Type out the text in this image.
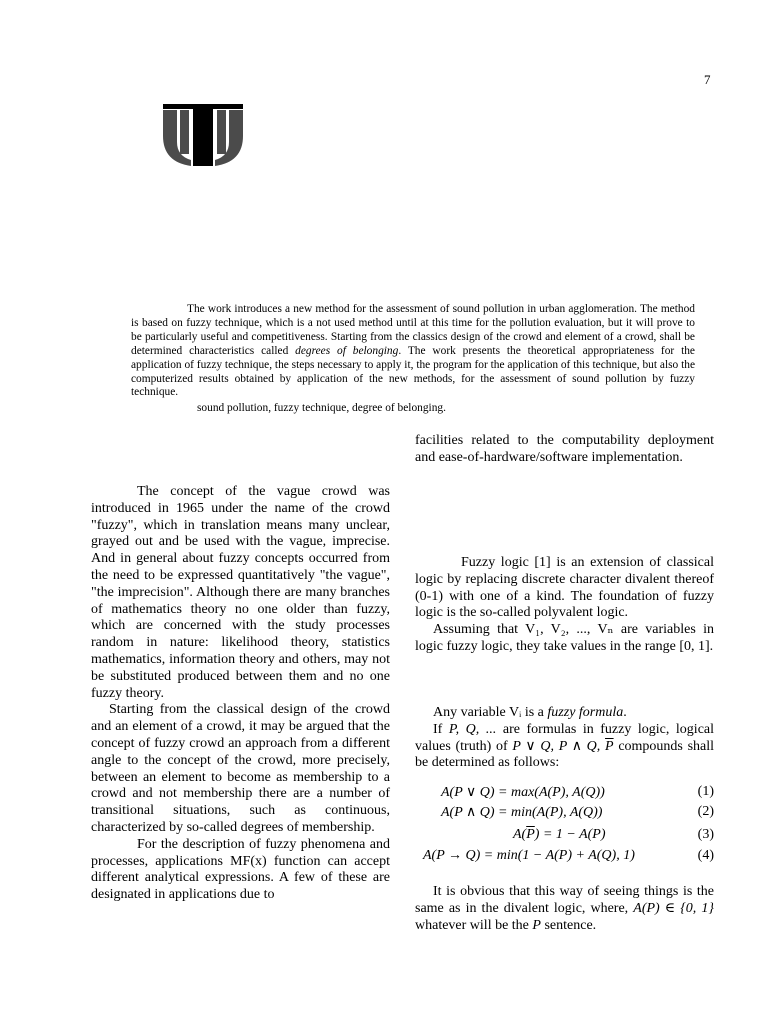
7
The work introduces a new method for the assessment of sound pollution in urban agglomeration. The method is based on fuzzy technique, which is a not used method until at this time for the pollution evaluation, but it will prove to be particularly useful and competitiveness. Starting from the classics design of the crowd and element of a crowd, shall be determined characteristics called degrees of belonging. The work presents the theoretical appropriateness for the application of fuzzy technique, the steps necessary to apply it, the program for the application of this technique, but also the computerized results obtained by application of the new methods, for the assessment of sound pollution by fuzzy technique.
sound pollution, fuzzy technique, degree of belonging.

The concept of the vague crowd was introduced in 1965 under the name of the crowd "fuzzy", which in translation means many unclear, grayed out and be used with the vague, imprecise. And in general about fuzzy concepts occurred from the need to be expressed quantitatively "the vague", "the imprecision". Although there are many branches of mathematics theory no one older than fuzzy, which are concerned with the study processes random in nature: likelihood theory, statistics mathematics, information theory and others, may not be substituted produced between them and no one fuzzy theory.

Starting from the classical design of the crowd and an element of a crowd, it may be argued that the concept of fuzzy crowd an approach from a different angle to the concept of the crowd, more precisely, between an element to become as membership to a crowd and not membership there are a number of transitional situations, such as continuous, characterized by so-called degrees of membership.

For the description of fuzzy phenomena and processes, applications MF(x) function can accept different analytical expressions. A few of these are designated in applications due to

facilities related to the computability deployment and ease-of-hardware/software implementation.

Fuzzy logic [1] is an extension of classical logic by replacing discrete character divalent thereof (0-1) with one of a kind. The foundation of fuzzy logic is the so-called polyvalent logic.

Assuming that V₁, V₂, ..., Vₙ are variables in logic fuzzy logic, they take values in the range [0, 1].

Any variable Vᵢ is a fuzzy formula.

If P, Q, ... are formulas in fuzzy logic, logical values (truth) of P ∨ Q, P ∧ Q, $\overline{P}$ compounds shall be determined as follows:

A(P ∨ Q) = max(A(P), A(Q))	(1)
A(P ∧ Q) = min(A(P), A(Q))	(2)
$A(\overline{P}) = 1 - A(P)$	(3)
A(P → Q) = min(1 − A(P) + A(Q), 1)	(4)

It is obvious that this way of seeing things is the same as in the divalent logic, where, A(P) ∈ {0, 1} whatever will be the P sentence.
